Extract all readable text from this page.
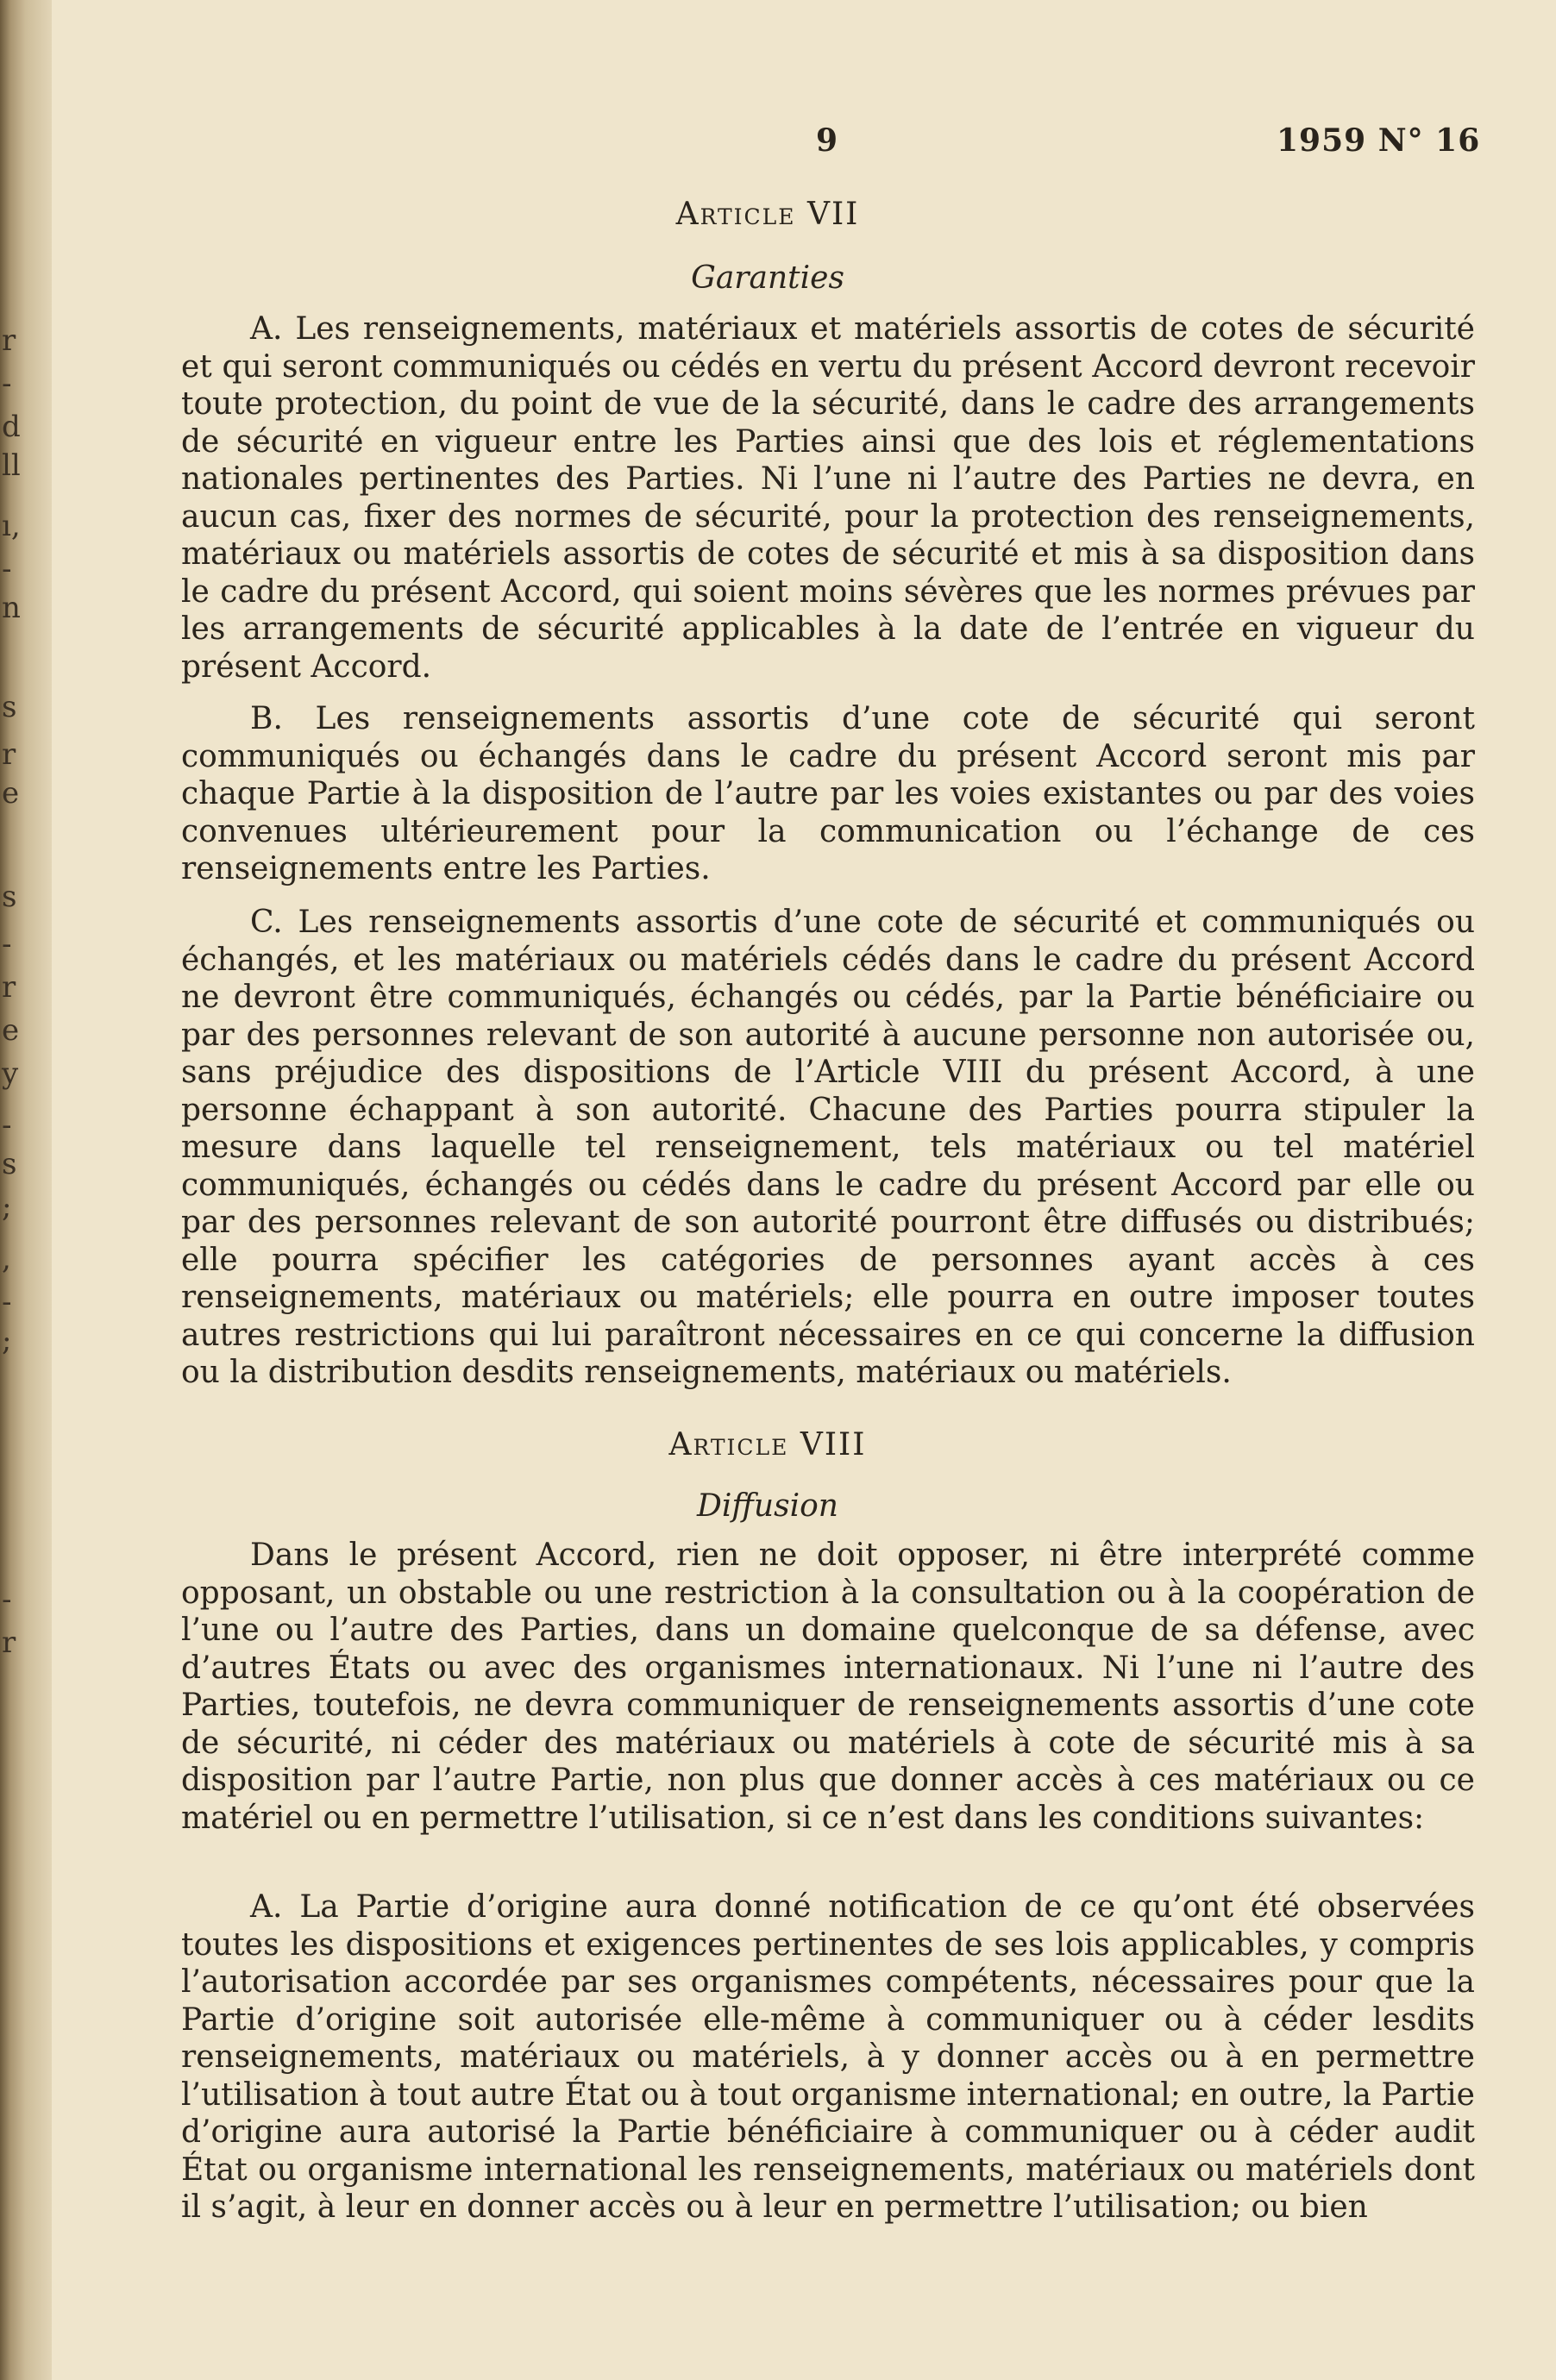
r
-
d
ll
ı,
-
n
s
r
e
s
-
r
e
y
-
s
;
,
-
;
-
r
9	1959 N° 16
Article VII
Garanties

A. Les renseignements, matériaux et matériels assortis de cotes de sécurité et qui seront communiqués ou cédés en vertu du présent Accord devront recevoir toute protection, du point de vue de la sécurité, dans le cadre des arrangements de sécurité en vigueur entre les Parties ainsi que des lois et réglementations nationales pertinentes des Parties. Ni l’une ni l’autre des Parties ne devra, en aucun cas, fixer des normes de sécurité, pour la protection des renseignements, matériaux ou matériels assortis de cotes de sécurité et mis à sa disposition dans le cadre du présent Accord, qui soient moins sévères que les normes prévues par les arrangements de sécurité applicables à la date de l’entrée en vigueur du présent Accord.

B. Les renseignements assortis d’une cote de sécurité qui seront communiqués ou échangés dans le cadre du présent Accord seront mis par chaque Partie à la disposition de l’autre par les voies existantes ou par des voies convenues ultérieurement pour la communication ou l’échange de ces renseignements entre les Parties.

C. Les renseignements assortis d’une cote de sécurité et communiqués ou échangés, et les matériaux ou matériels cédés dans le cadre du présent Accord ne devront être communiqués, échangés ou cédés, par la Partie bénéficiaire ou par des personnes relevant de son autorité à aucune personne non autorisée ou, sans préjudice des dispositions de l’Article VIII du présent Accord, à une personne échappant à son autorité. Chacune des Parties pourra stipuler la mesure dans laquelle tel renseignement, tels matériaux ou tel matériel communiqués, échangés ou cédés dans le cadre du présent Accord par elle ou par des personnes relevant de son autorité pourront être diffusés ou distribués; elle pourra spécifier les catégories de personnes ayant accès à ces renseignements, matériaux ou matériels; elle pourra en outre imposer toutes autres restrictions qui lui paraîtront nécessaires en ce qui concerne la diffusion ou la distribution desdits renseignements, matériaux ou matériels.

Article VIII
Diffusion

Dans le présent Accord, rien ne doit opposer, ni être interprété comme opposant, un obstable ou une restriction à la consultation ou à la coopération de l’une ou l’autre des Parties, dans un domaine quelconque de sa défense, avec d’autres États ou avec des organismes internationaux. Ni l’une ni l’autre des Parties, toutefois, ne devra communiquer de renseignements assortis d’une cote de sécurité, ni céder des matériaux ou matériels à cote de sécurité mis à sa disposition par l’autre Partie, non plus que donner accès à ces matériaux ou ce matériel ou en permettre l’utilisation, si ce n’est dans les conditions suivantes:

A. La Partie d’origine aura donné notification de ce qu’ont été observées toutes les dispositions et exigences pertinentes de ses lois applicables, y compris l’autorisation accordée par ses organismes compétents, nécessaires pour que la Partie d’origine soit autorisée elle-même à communiquer ou à céder lesdits renseignements, matériaux ou matériels, à y donner accès ou à en permettre l’utilisation à tout autre État ou à tout organisme international; en outre, la Partie d’origine aura autorisé la Partie bénéficiaire à communiquer ou à céder audit État ou organisme international les renseignements, matériaux ou matériels dont il s’agit, à leur en donner accès ou à leur en permettre l’utilisation; ou bien
